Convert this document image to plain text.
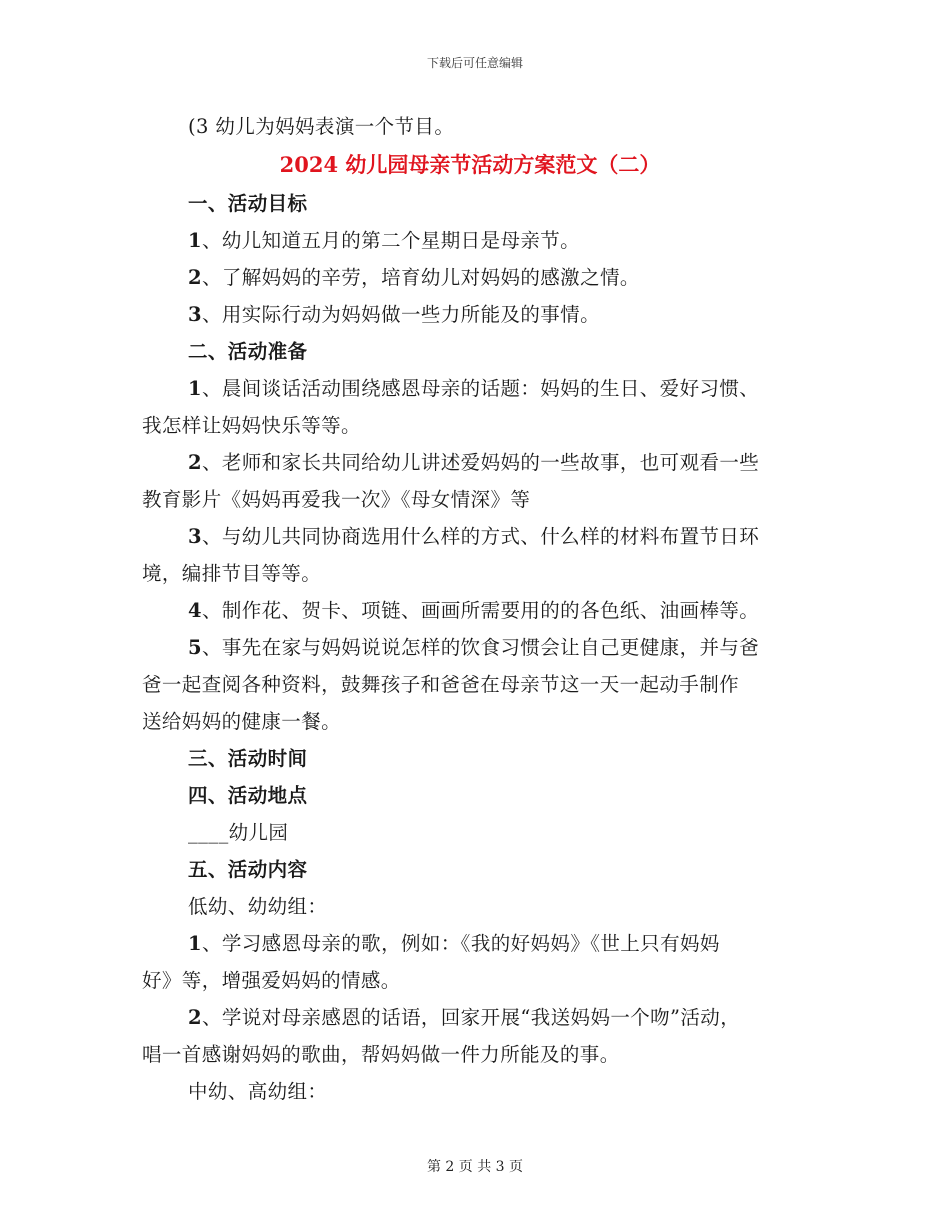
下载后可任意编辑
(3 幼儿为妈妈表演一个节目。
2024 幼儿园母亲节活动方案范文（二）
一、活动目标
1、幼儿知道五月的第二个星期日是母亲节。
2、了解妈妈的辛劳，培育幼儿对妈妈的感激之情。
3、用实际行动为妈妈做一些力所能及的事情。
二、活动准备
1、晨间谈话活动围绕感恩母亲的话题：妈妈的生日、爱好习惯、
我怎样让妈妈快乐等等。
2、老师和家长共同给幼儿讲述爱妈妈的一些故事，也可观看一些
教育影片《妈妈再爱我一次》《母女情深》等
3、与幼儿共同协商选用什么样的方式、什么样的材料布置节日环
境，编排节目等等。
4、制作花、贺卡、项链、画画所需要用的的各色纸、油画棒等。
5、事先在家与妈妈说说怎样的饮食习惯会让自己更健康，并与爸
爸一起查阅各种资料，鼓舞孩子和爸爸在母亲节这一天一起动手制作
送给妈妈的健康一餐。
三、活动时间
四、活动地点
____幼儿园
五、活动内容
低幼、幼幼组：
1、学习感恩母亲的歌，例如：《我的好妈妈》《世上只有妈妈
好》等，增强爱妈妈的情感。
2、学说对母亲感恩的话语，回家开展“我送妈妈一个吻”活动，
唱一首感谢妈妈的歌曲，帮妈妈做一件力所能及的事。
中幼、高幼组：
第 2 页 共 3 页
